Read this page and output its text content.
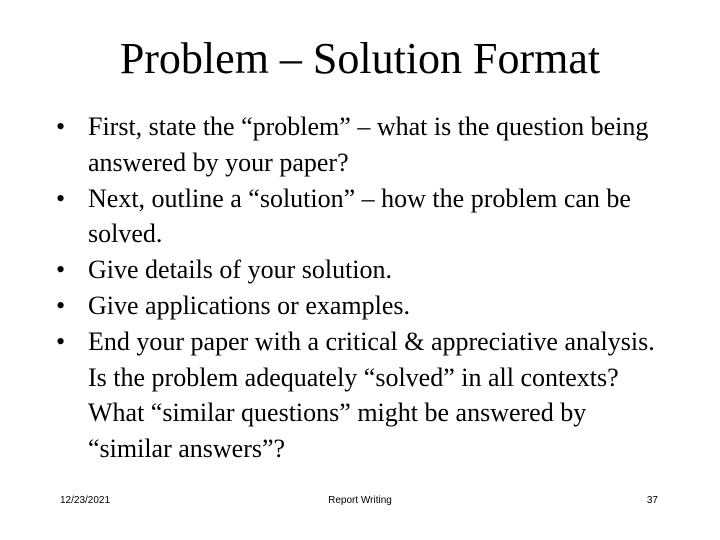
Problem – Solution Format
• First, state the “problem” – what is the question being answered by your paper?
• Next, outline a “solution” – how the problem can be solved.
• Give details of your solution.
• Give applications or examples.
• End your paper with a critical & appreciative analysis. Is the problem adequately “solved” in all contexts? What “similar questions” might be answered by “similar answers”?
12/23/2021	Report Writing	37
